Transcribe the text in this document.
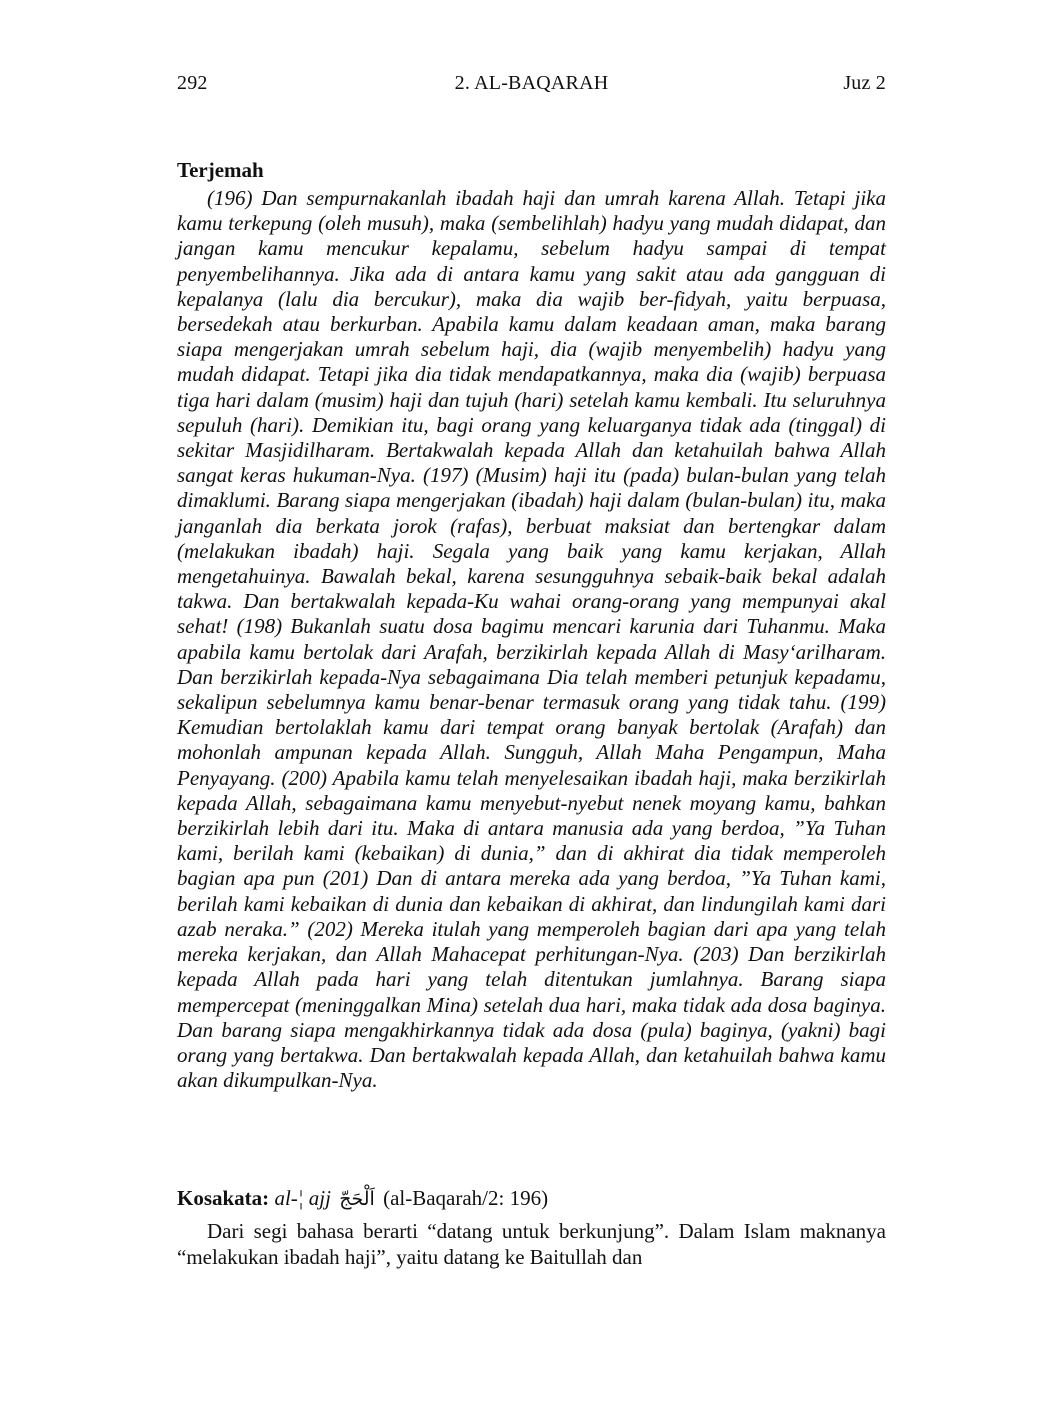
292	2. AL-BAQARAH	Juz 2
Terjemah

(196) Dan sempurnakanlah ibadah haji dan umrah karena Allah. Tetapi jika kamu terkepung (oleh musuh), maka (sembelihlah) hadyu yang mudah didapat, dan jangan kamu mencukur kepalamu, sebelum hadyu sampai di tempat penyembelihannya. Jika ada di antara kamu yang sakit atau ada gangguan di kepalanya (lalu dia bercukur), maka dia wajib ber-fidyah, yaitu berpuasa, bersedekah atau berkurban. Apabila kamu dalam keadaan aman, maka barang siapa mengerjakan umrah sebelum haji, dia (wajib menyembelih) hadyu yang mudah didapat. Tetapi jika dia tidak mendapatkannya, maka dia (wajib) berpuasa tiga hari dalam (musim) haji dan tujuh (hari) setelah kamu kembali. Itu seluruhnya sepuluh (hari). Demikian itu, bagi orang yang keluarganya tidak ada (tinggal) di sekitar Masjidilharam. Bertakwalah kepada Allah dan ketahuilah bahwa Allah sangat keras hukuman-Nya. (197) (Musim) haji itu (pada) bulan-bulan yang telah dimaklumi. Barang siapa mengerjakan (ibadah) haji dalam (bulan-bulan) itu, maka janganlah dia berkata jorok (rafas), berbuat maksiat dan bertengkar dalam (melakukan ibadah) haji. Segala yang baik yang kamu kerjakan, Allah mengetahuinya. Bawalah bekal, karena sesungguhnya sebaik-baik bekal adalah takwa. Dan bertakwalah kepada-Ku wahai orang-orang yang mempunyai akal sehat! (198) Bukanlah suatu dosa bagimu mencari karunia dari Tuhanmu. Maka apabila kamu bertolak dari Arafah, berzikirlah kepada Allah di Masy‘arilharam. Dan berzikirlah kepada-Nya sebagaimana Dia telah memberi petunjuk kepadamu, sekalipun sebelumnya kamu benar-benar termasuk orang yang tidak tahu. (199) Kemudian bertolaklah kamu dari tempat orang banyak bertolak (Arafah) dan mohonlah ampunan kepada Allah. Sungguh, Allah Maha Pengampun, Maha Penyayang. (200) Apabila kamu telah menyelesaikan ibadah haji, maka berzikirlah kepada Allah, sebagaimana kamu menyebut-nyebut nenek moyang kamu, bahkan berzikirlah lebih dari itu. Maka di antara manusia ada yang berdoa, ”Ya Tuhan kami, berilah kami (kebaikan) di dunia,” dan di akhirat dia tidak memperoleh bagian apa pun (201) Dan di antara mereka ada yang berdoa, ”Ya Tuhan kami, berilah kami kebaikan di dunia dan kebaikan di akhirat, dan lindungilah kami dari azab neraka.” (202) Mereka itulah yang memperoleh bagian dari apa yang telah mereka kerjakan, dan Allah Mahacepat perhitungan-Nya. (203) Dan berzikirlah kepada Allah pada hari yang telah ditentukan jumlahnya. Barang siapa mempercepat (meninggalkan Mina) setelah dua hari, maka tidak ada dosa baginya. Dan barang siapa mengakhirkannya tidak ada dosa (pula) baginya, (yakni) bagi orang yang bertakwa. Dan bertakwalah kepada Allah, dan ketahuilah bahwa kamu akan dikumpulkan-Nya.

Kosakata: al-¦ ajj اَلْحَجّ (al-Baqarah/2: 196)

Dari segi bahasa berarti “datang untuk berkunjung”. Dalam Islam maknanya “melakukan ibadah haji”, yaitu datang ke Baitullah dan
